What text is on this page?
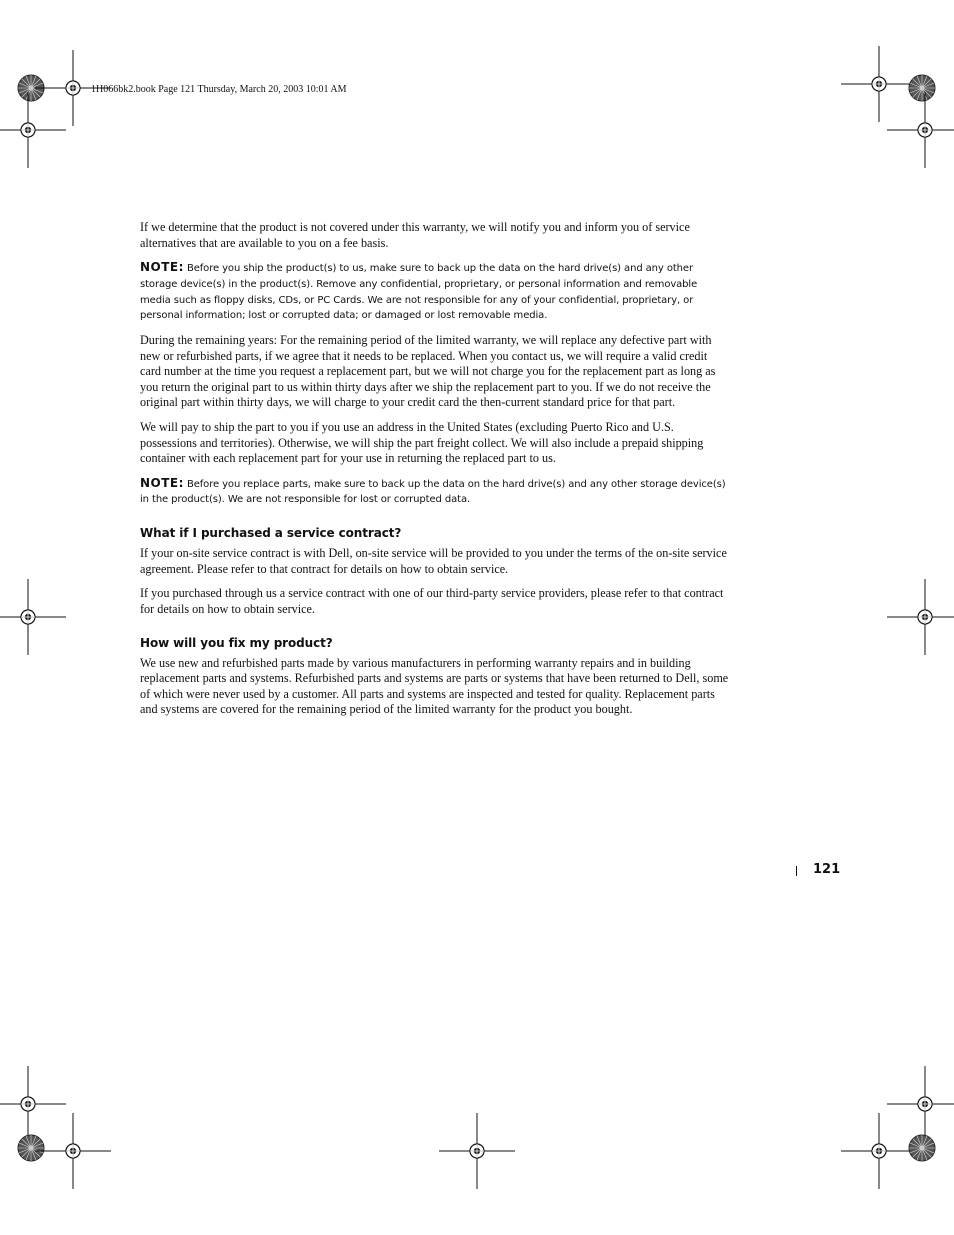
1H066bk2.book Page 121 Thursday, March 20, 2003 10:01 AM

If we determine that the product is not covered under this warranty, we will notify you and inform you of service alternatives that are available to you on a fee basis.

NOTE: Before you ship the product(s) to us, make sure to back up the data on the hard drive(s) and any other storage device(s) in the product(s). Remove any confidential, proprietary, or personal information and removable media such as floppy disks, CDs, or PC Cards. We are not responsible for any of your confidential, proprietary, or personal information; lost or corrupted data; or damaged or lost removable media.

During the remaining years: For the remaining period of the limited warranty, we will replace any defective part with new or refurbished parts, if we agree that it needs to be replaced. When you contact us, we will require a valid credit card number at the time you request a replacement part, but we will not charge you for the replacement part as long as you return the original part to us within thirty days after we ship the replacement part to you. If we do not receive the original part within thirty days, we will charge to your credit card the then-current standard price for that part.

We will pay to ship the part to you if you use an address in the United States (excluding Puerto Rico and U.S. possessions and territories). Otherwise, we will ship the part freight collect. We will also include a prepaid shipping container with each replacement part for your use in returning the replaced part to us.

NOTE: Before you replace parts, make sure to back up the data on the hard drive(s) and any other storage device(s) in the product(s). We are not responsible for lost or corrupted data.

What if I purchased a service contract?

If your on-site service contract is with Dell, on-site service will be provided to you under the terms of the on-site service agreement. Please refer to that contract for details on how to obtain service.

If you purchased through us a service contract with one of our third-party service providers, please refer to that contract for details on how to obtain service.

How will you fix my product?

We use new and refurbished parts made by various manufacturers in performing warranty repairs and in building replacement parts and systems. Refurbished parts and systems are parts or systems that have been returned to Dell, some of which were never used by a customer. All parts and systems are inspected and tested for quality. Replacement parts and systems are covered for the remaining period of the limited warranty for the product you bought.

121
